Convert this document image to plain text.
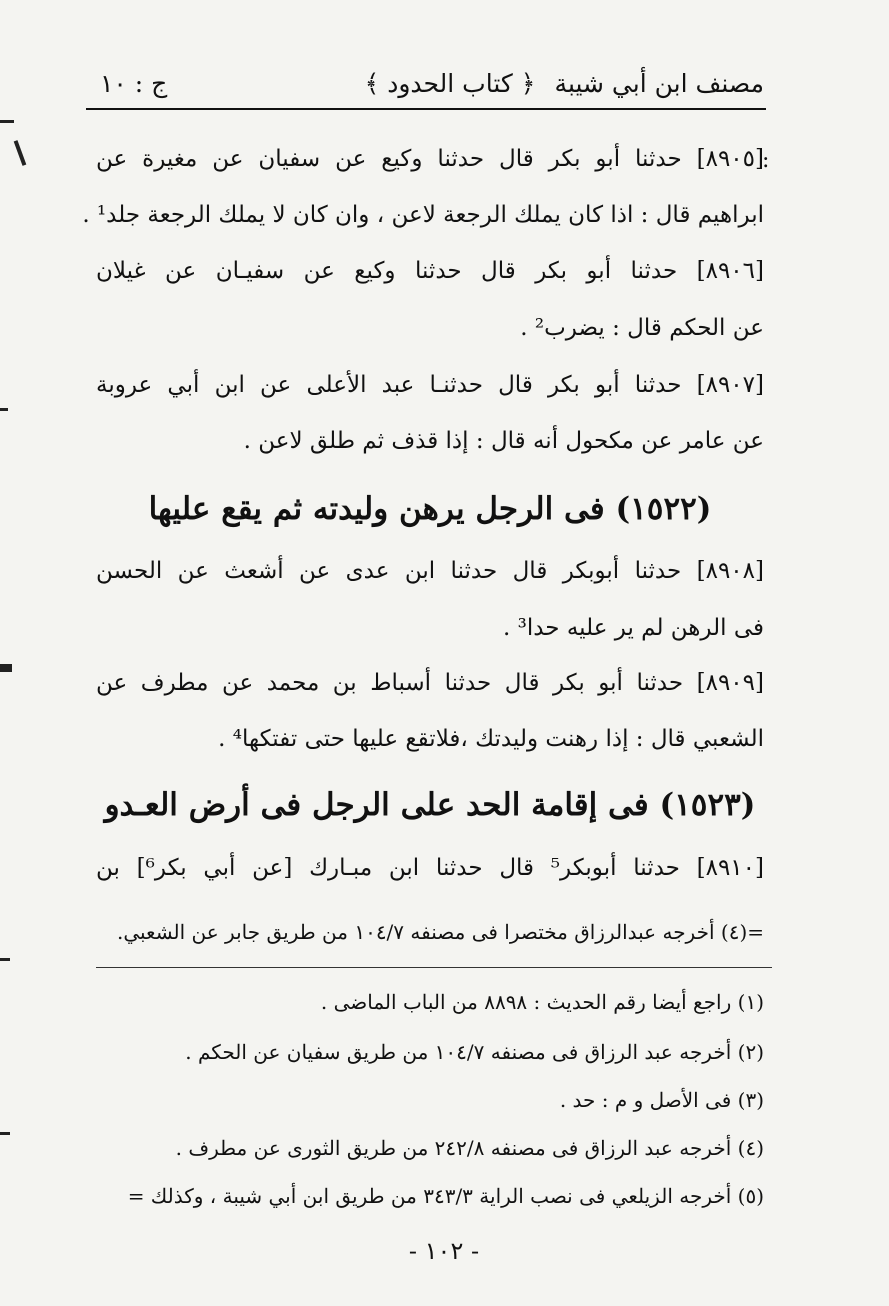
مصنف ابن أبي شيبة
﴿ كتاب الحدود ﴾
ج : ١٠
:
[٨٩٠٥] حدثنا أبو بكر قال حدثنا وكيع عن سفيان عن مغيرة عن
ابراهيم قال : اذا كان يملك الرجعة لاعن ، وان كان لا يملك الرجعة جلد¹ .
[٨٩٠٦] حدثنا أبو بكر قال حدثنا وكيع عن سفيـان عن غيلان
عن الحكم قال : يضرب² .
[٨٩٠٧] حدثنا أبو بكر قال حدثنـا عبد الأعلى عن ابن أبي عروبة
عن عامر عن مكحول أنه قال : إذا قذف ثم طلق لاعن .
(١٥٢٢) فى الرجل يرهن وليدته ثم يقع عليها
[٨٩٠٨] حدثنا أبوبكر قال حدثنا ابن عدى عن أشعث عن الحسن
فى الرهن لم ير عليه حدا³ .
[٨٩٠٩] حدثنا أبو بكر قال حدثنا أسباط بن محمد عن مطرف عن
الشعبي قال : إذا رهنت وليدتك ،فلاتقع عليها حتى تفتكها⁴ .
(١٥٢٣) فى إقامة الحد على الرجل فى أرض العـدو
[٨٩١٠] حدثنا أبوبكر⁵ قال حدثنا ابن مبـارك [عن أبي بكر⁶] بن
=(٤) أخرجه عبدالرزاق مختصرا فى مصنفه ١٠٤/٧ من طريق جابر عن الشعبي.
(١) راجع أيضا رقم الحديث : ٨٨٩٨ من الباب الماضى .
(٢) أخرجه عبد الرزاق فى مصنفه ١٠٤/٧ من طريق سفيان عن الحكم .
(٣) فى الأصل و م : حد .
(٤) أخرجه عبد الرزاق فى مصنفه ٢٤٢/٨ من طريق الثورى عن مطرف .
(٥) أخرجه الزيلعي فى نصب الراية ٣٤٣/٣ من طريق ابن أبي شيبة ، وكذلك =
- ١٠٢ -
